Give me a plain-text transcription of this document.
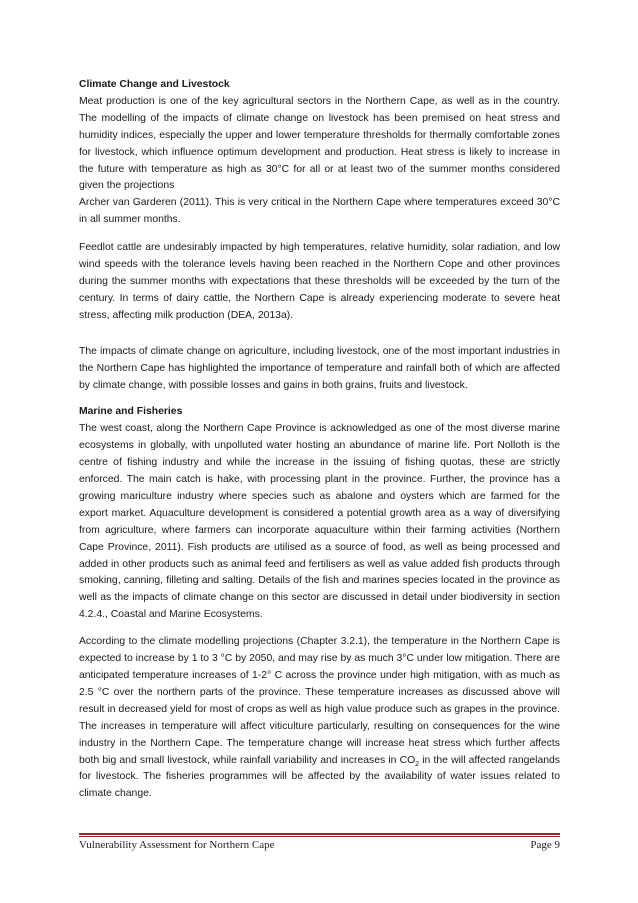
Climate Change and Livestock

Meat production is one of the key agricultural sectors in the Northern Cape, as well as in the country. The modelling of the impacts of climate change on livestock has been premised on heat stress and humidity indices, especially the upper and lower temperature thresholds for thermally comfortable zones for livestock, which influence optimum development and production. Heat stress is likely to increase in the future with temperature as high as 30°C for all or at least two of the summer months considered given the projections

Archer van Garderen (2011). This is very critical in the Northern Cape where temperatures exceed 30°C in all summer months.

Feedlot cattle are undesirably impacted by high temperatures, relative humidity, solar radiation, and low wind speeds with the tolerance levels having been reached in the Northern Cope and other provinces during the summer months with expectations that these thresholds will be exceeded by the turn of the century. In terms of dairy cattle, the Northern Cape is already experiencing moderate to severe heat stress, affecting milk production (DEA, 2013a).

The impacts of climate change on agriculture, including livestock, one of the most important industries in the Northern Cape has highlighted the importance of temperature and rainfall both of which are affected by climate change, with possible losses and gains in both grains, fruits and livestock.

Marine and Fisheries

The west coast, along the Northern Cape Province is acknowledged as one of the most diverse marine ecosystems in globally, with unpolluted water hosting an abundance of marine life. Port Nolloth is the centre of fishing industry and while the increase in the issuing of fishing quotas, these are strictly enforced. The main catch is hake, with processing plant in the province. Further, the province has a growing mariculture industry where species such as abalone and oysters which are farmed for the export market. Aquaculture development is considered a potential growth area as a way of diversifying from agriculture, where farmers can incorporate aquaculture within their farming activities (Northern Cape Province, 2011). Fish products are utilised as a source of food, as well as being processed and added in other products such as animal feed and fertilisers as well as value added fish products through smoking, canning, filleting and salting. Details of the fish and marines species located in the province as well as the impacts of climate change on this sector are discussed in detail under biodiversity in section 4.2.4., Coastal and Marine Ecosystems.

According to the climate modelling projections (Chapter 3.2.1), the temperature in the Northern Cape is expected to increase by 1 to 3 °C by 2050, and may rise by as much 3°C under low mitigation. There are anticipated temperature increases of 1-2° C across the province under high mitigation, with as much as 2.5 °C over the northern parts of the province. These temperature increases as discussed above will result in decreased yield for most of crops as well as high value produce such as grapes in the province. The increases in temperature will affect viticulture particularly, resulting on consequences for the wine industry in the Northern Cape. The temperature change will increase heat stress which further affects both big and small livestock, while rainfall variability and increases in $CO_2$ in the will affected rangelands for livestock. The fisheries programmes will be affected by the availability of water issues related to climate change.

Vulnerability Assessment for Northern Cape	Page 9
